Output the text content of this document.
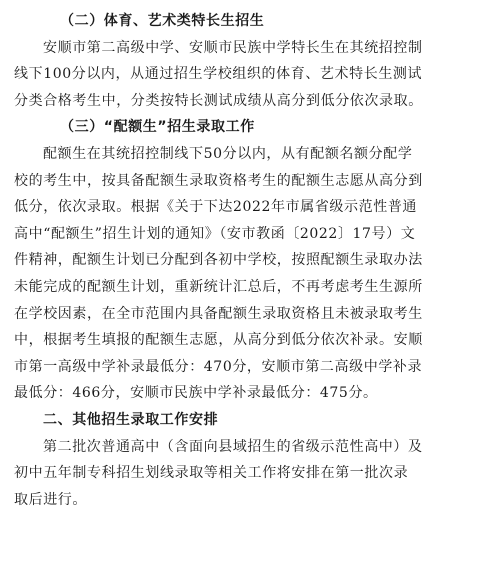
（二）体育、艺术类特长生招生
安顺市第二高级中学、安顺市民族中学特长生在其统招控制
线下100分以内，从通过招生学校组织的体育、艺术特长生测试
分类合格考生中，分类按特长测试成绩从高分到低分依次录取。
（三）“配额生”招生录取工作
配额生在其统招控制线下50分以内，从有配额名额分配学
校的考生中，按具备配额生录取资格考生的配额生志愿从高分到
低分，依次录取。根据《关于下达2022年市属省级示范性普通
高中“配额生”招生计划的通知》（安市教函〔2022〕17号）文
件精神，配额生计划已分配到各初中学校，按照配额生录取办法
未能完成的配额生计划，重新统计汇总后，不再考虑考生生源所
在学校因素，在全市范围内具备配额生录取资格且未被录取考生
中，根据考生填报的配额生志愿，从高分到低分依次补录。安顺
市第一高级中学补录最低分：470分，安顺市第二高级中学补录
最低分：466分，安顺市民族中学补录最低分：475分。
二、其他招生录取工作安排
第二批次普通高中（含面向县域招生的省级示范性高中）及
初中五年制专科招生划线录取等相关工作将安排在第一批次录
取后进行。
